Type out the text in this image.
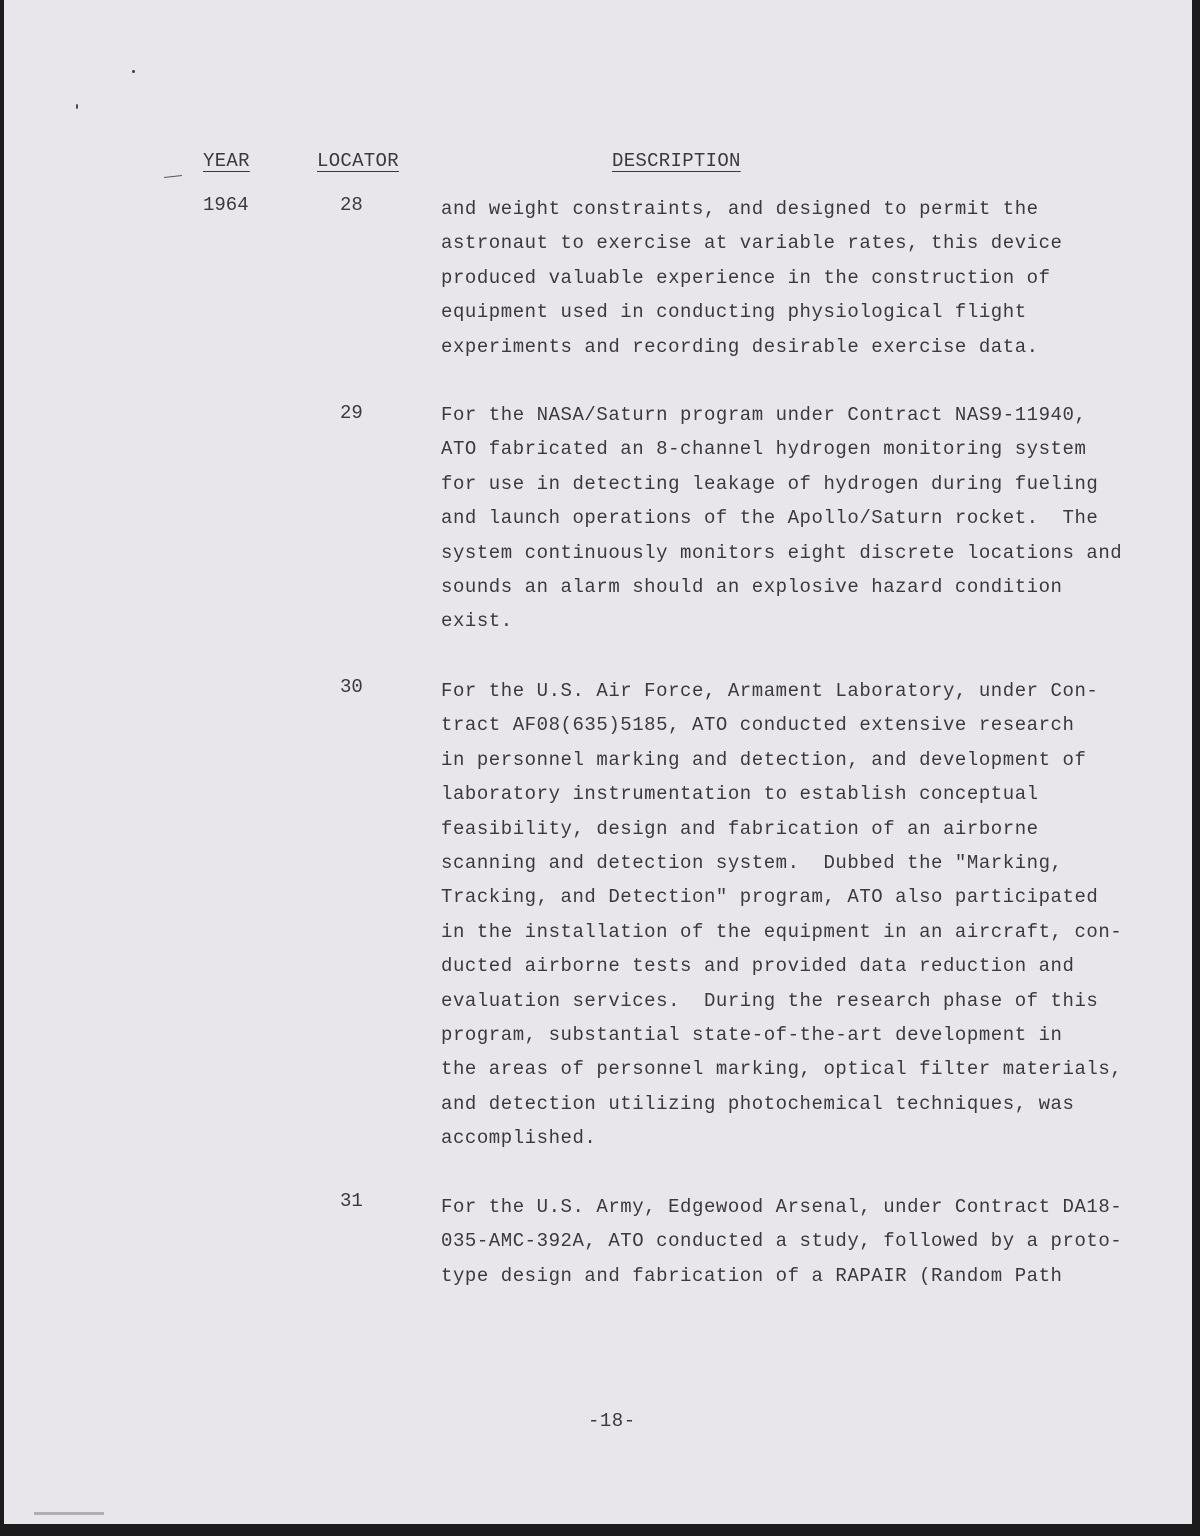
YEAR	LOCATOR	DESCRIPTION
1964	28	and weight constraints, and designed to permit the
astronaut to exercise at variable rates, this device
produced valuable experience in the construction of
equipment used in conducting physiological flight
experiments and recording desirable exercise data.
29	For the NASA/Saturn program under Contract NAS9-11940,
ATO fabricated an 8-channel hydrogen monitoring system
for use in detecting leakage of hydrogen during fueling
and launch operations of the Apollo/Saturn rocket.  The
system continuously monitors eight discrete locations and
sounds an alarm should an explosive hazard condition
exist.
30	For the U.S. Air Force, Armament Laboratory, under Con-
tract AF08(635)5185, ATO conducted extensive research
in personnel marking and detection, and development of
laboratory instrumentation to establish conceptual
feasibility, design and fabrication of an airborne
scanning and detection system.  Dubbed the "Marking,
Tracking, and Detection" program, ATO also participated
in the installation of the equipment in an aircraft, con-
ducted airborne tests and provided data reduction and
evaluation services.  During the research phase of this
program, substantial state-of-the-art development in
the areas of personnel marking, optical filter materials,
and detection utilizing photochemical techniques, was
accomplished.
31	For the U.S. Army, Edgewood Arsenal, under Contract DA18-
035-AMC-392A, ATO conducted a study, followed by a proto-
type design and fabrication of a RAPAIR (Random Path
-18-
